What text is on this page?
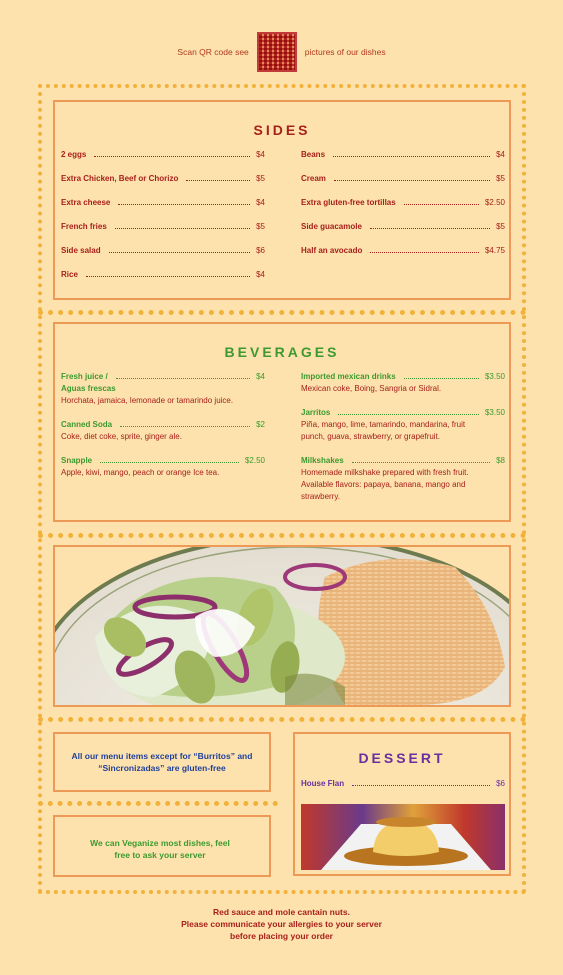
Scan QR code see	pictures of our dishes
SIDES
2 eggs	$4
Extra Chicken, Beef or Chorizo	$5
Extra cheese	$4
French fries	$5
Side salad	$6
Rice	$4
Beans	$4
Cream	$5
Extra gluten-free tortillas	$2.50
Side guacamole	$5
Half an avocado	$4.75
BEVERAGES
Fresh juice /	$4
Aguas frescas
Horchata, jamaica, lemonade or tamarindo juice.
Canned Soda	$2
Coke, diet coke, sprite, ginger ale.
Snapple	$2.50
Apple, kiwi, mango, peach or orange Ice tea.
Imported mexican drinks	$3.50
Mexican coke, Boing, Sangria or Sidral.
Jarritos	$3.50
Piña, mango, lime, tamarindo, mandarina, fruit punch, guava, strawberry, or grapefruit.
Milkshakes	$8
Homemade milkshake prepared with fresh fruit. Available flavors: papaya, banana, mango and strawberry.
All our menu items except for “Burritos” and “Sincronizadas” are gluten-free
We can Veganize most dishes, feel free to ask your server
DESSERT
House Flan	$6
Red sauce and mole cantain nuts.
Please communicate your allergies to your server
before placing your order
